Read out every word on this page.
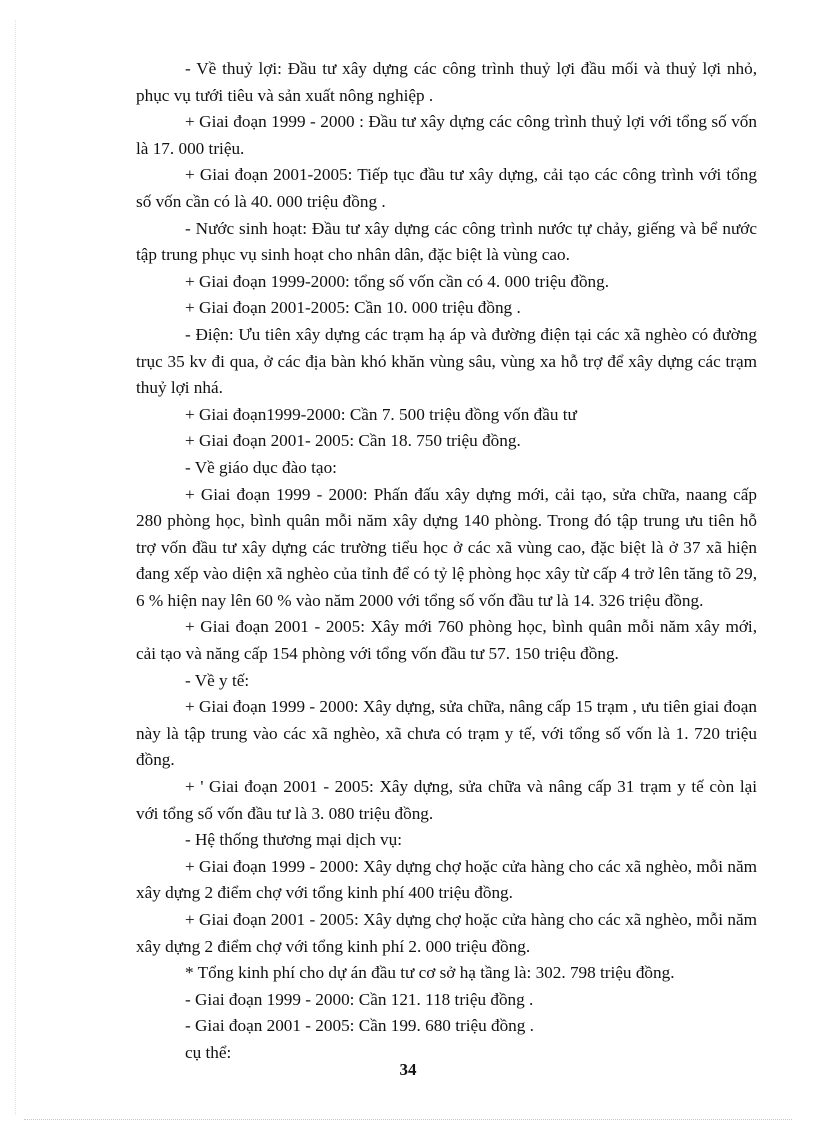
- Về thuỷ lợi: Đầu tư xây dựng các công trình thuỷ lợi đầu mối và thuỷ lợi nhỏ, phục vụ tưới tiêu và sản xuất nông nghiệp .

+ Giai đoạn 1999 - 2000 : Đầu tư xây dựng các công trình thuỷ lợi với tổng số vốn là 17. 000 triệu.

+ Giai đoạn 2001-2005: Tiếp tục đầu tư xây dựng, cải tạo các công trình với tổng số vốn cần có là 40. 000 triệu đồng .

- Nước sinh hoạt: Đầu tư xây dựng các công trình nước tự chảy, giếng và bể nước tập trung phục vụ sinh hoạt cho nhân dân, đặc biệt là vùng cao.

+ Giai đoạn 1999-2000: tổng số vốn cần có 4. 000 triệu đồng.

+ Giai đoạn 2001-2005: Cần 10. 000 triệu đồng .

- Điện: Ưu tiên xây dựng các trạm hạ áp và đường điện tại các xã nghèo có đường trục 35 kv đi qua, ở các địa bàn khó khăn vùng sâu, vùng xa hỗ trợ để xây dựng các trạm thuỷ lợi nhá.

+ Giai đoạn1999-2000: Cần 7. 500 triệu đồng vốn đầu tư

+ Giai đoạn 2001- 2005: Cần 18. 750 triệu đồng.

- Về giáo dục đào tạo:

+ Giai đoạn 1999 - 2000: Phấn đấu xây dựng mới, cải tạo, sửa chữa, naang cấp 280 phòng học, bình quân mỗi năm xây dựng 140 phòng. Trong đó tập trung ưu tiên hỗ trợ vốn đầu tư xây dựng các trường tiểu học ở các xã vùng cao, đặc biệt là ở 37 xã hiện đang xếp vào diện xã nghèo của tỉnh để có tỷ lệ phòng học xây từ cấp 4 trở lên tăng tõ 29, 6 % hiện nay lên 60 % vào năm 2000 với tổng số vốn đầu tư là 14. 326 triệu đồng.

+ Giai đoạn 2001 - 2005: Xây mới 760 phòng học, bình quân mỗi năm xây mới, cải tạo và năng cấp 154 phòng với tổng vốn đầu tư 57. 150 triệu đồng.

- Về y tế:

+ Giai đoạn 1999 - 2000: Xây dựng, sửa chữa, nâng cấp 15 trạm , ưu tiên giai đoạn này là tập trung vào các xã nghèo, xã chưa có trạm y tế, với tổng số vốn là 1. 720 triệu đồng.

+ ' Giai đoạn 2001 - 2005: Xây dựng, sửa chữa và nâng cấp 31 trạm y tế còn lại với tổng số vốn đầu tư là 3. 080 triệu đồng.

- Hệ thống thương mại dịch vụ:

+ Giai đoạn 1999 - 2000: Xây dựng chợ hoặc cửa hàng cho các xã nghèo, mỗi năm xây dựng 2 điểm chợ với tổng kinh phí 400 triệu đồng.

+ Giai đoạn 2001 - 2005: Xây dựng chợ hoặc cửa hàng cho các xã nghèo, mỗi năm xây dựng 2 điểm chợ với tổng kinh phí 2. 000 triệu đồng.

* Tổng kinh phí cho dự án đầu tư cơ sở hạ tầng là: 302. 798 triệu đồng.

- Giai đoạn 1999 - 2000: Cần 121. 118 triệu đồng .

- Giai đoạn 2001 - 2005: Cần 199. 680 triệu đồng .

cụ thể:

34
